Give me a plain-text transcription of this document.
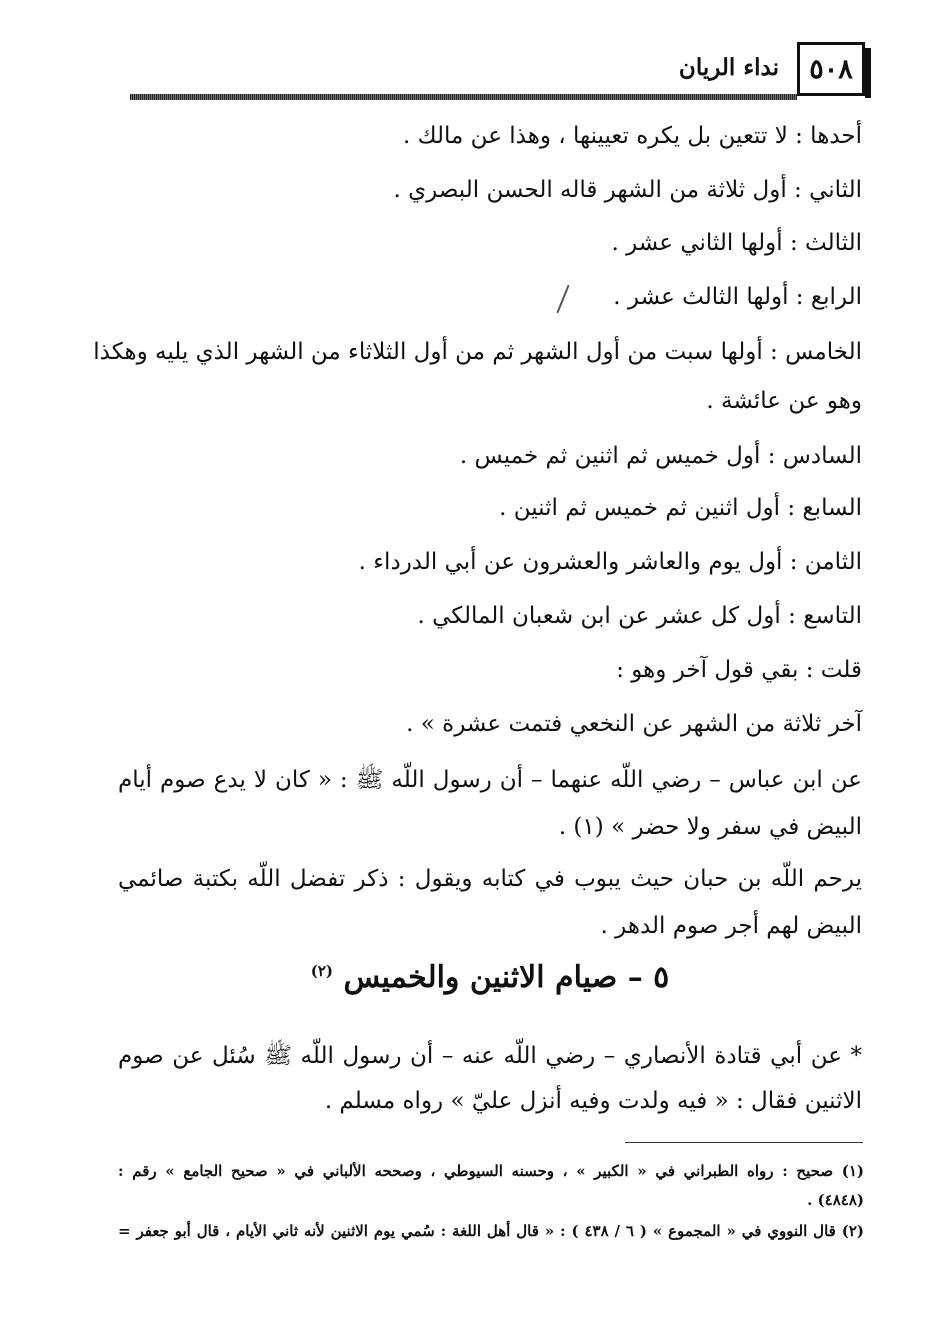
٥٠٨
نداء الريان
أحدها : لا تتعين بل يكره تعيينها ، وهذا عن مالك .
الثاني : أول ثلاثة من الشهر قاله الحسن البصري .
الثالث : أولها الثاني عشر .
الرابع : أولها الثالث عشر .
الخامس : أولها سبت من أول الشهر ثم من أول الثلاثاء من الشهر الذي يليه وهكذا
وهو عن عائشة .
السادس : أول خميس ثم اثنين ثم خميس .
السابع : أول اثنين ثم خميس ثم اثنين .
الثامن : أول يوم والعاشر والعشرون عن أبي الدرداء .
التاسع : أول كل عشر عن ابن شعبان المالكي .
قلت : بقي قول آخر وهو :
آخر ثلاثة من الشهر عن النخعي فتمت عشرة » .
عن ابن عباس – رضي اللّه عنهما – أن رسول اللّه ﷺ : « كان لا يدع صوم أيام
البيض في سفر ولا حضر » (١) .
يرحم اللّه بن حبان حيث يبوب في كتابه ويقول : ذكر تفضل اللّه بكتبة صائمي
البيض لهم أجر صوم الدهر .
* عن أبي قتادة الأنصاري – رضي اللّه عنه – أن رسول اللّه ﷺ سُئل عن صوم
الاثنين فقال : « فيه ولدت وفيه أنزل عليّ » رواه مسلم .
٥ – صيام الاثنين والخميس $^{(٢)}$
(١) صحيح : رواه الطبراني في « الكبير » ، وحسنه السيوطي ، وصححه الألباني في « صحيح الجامع » رقم :
(٤٨٤٨) .
(٢) قال النووي في « المجموع » ( ٦ / ٤٣٨ ) : « قال أهل اللغة : سُمي يوم الاثنين لأنه ثاني الأيام ، قال أبو جعفر =
